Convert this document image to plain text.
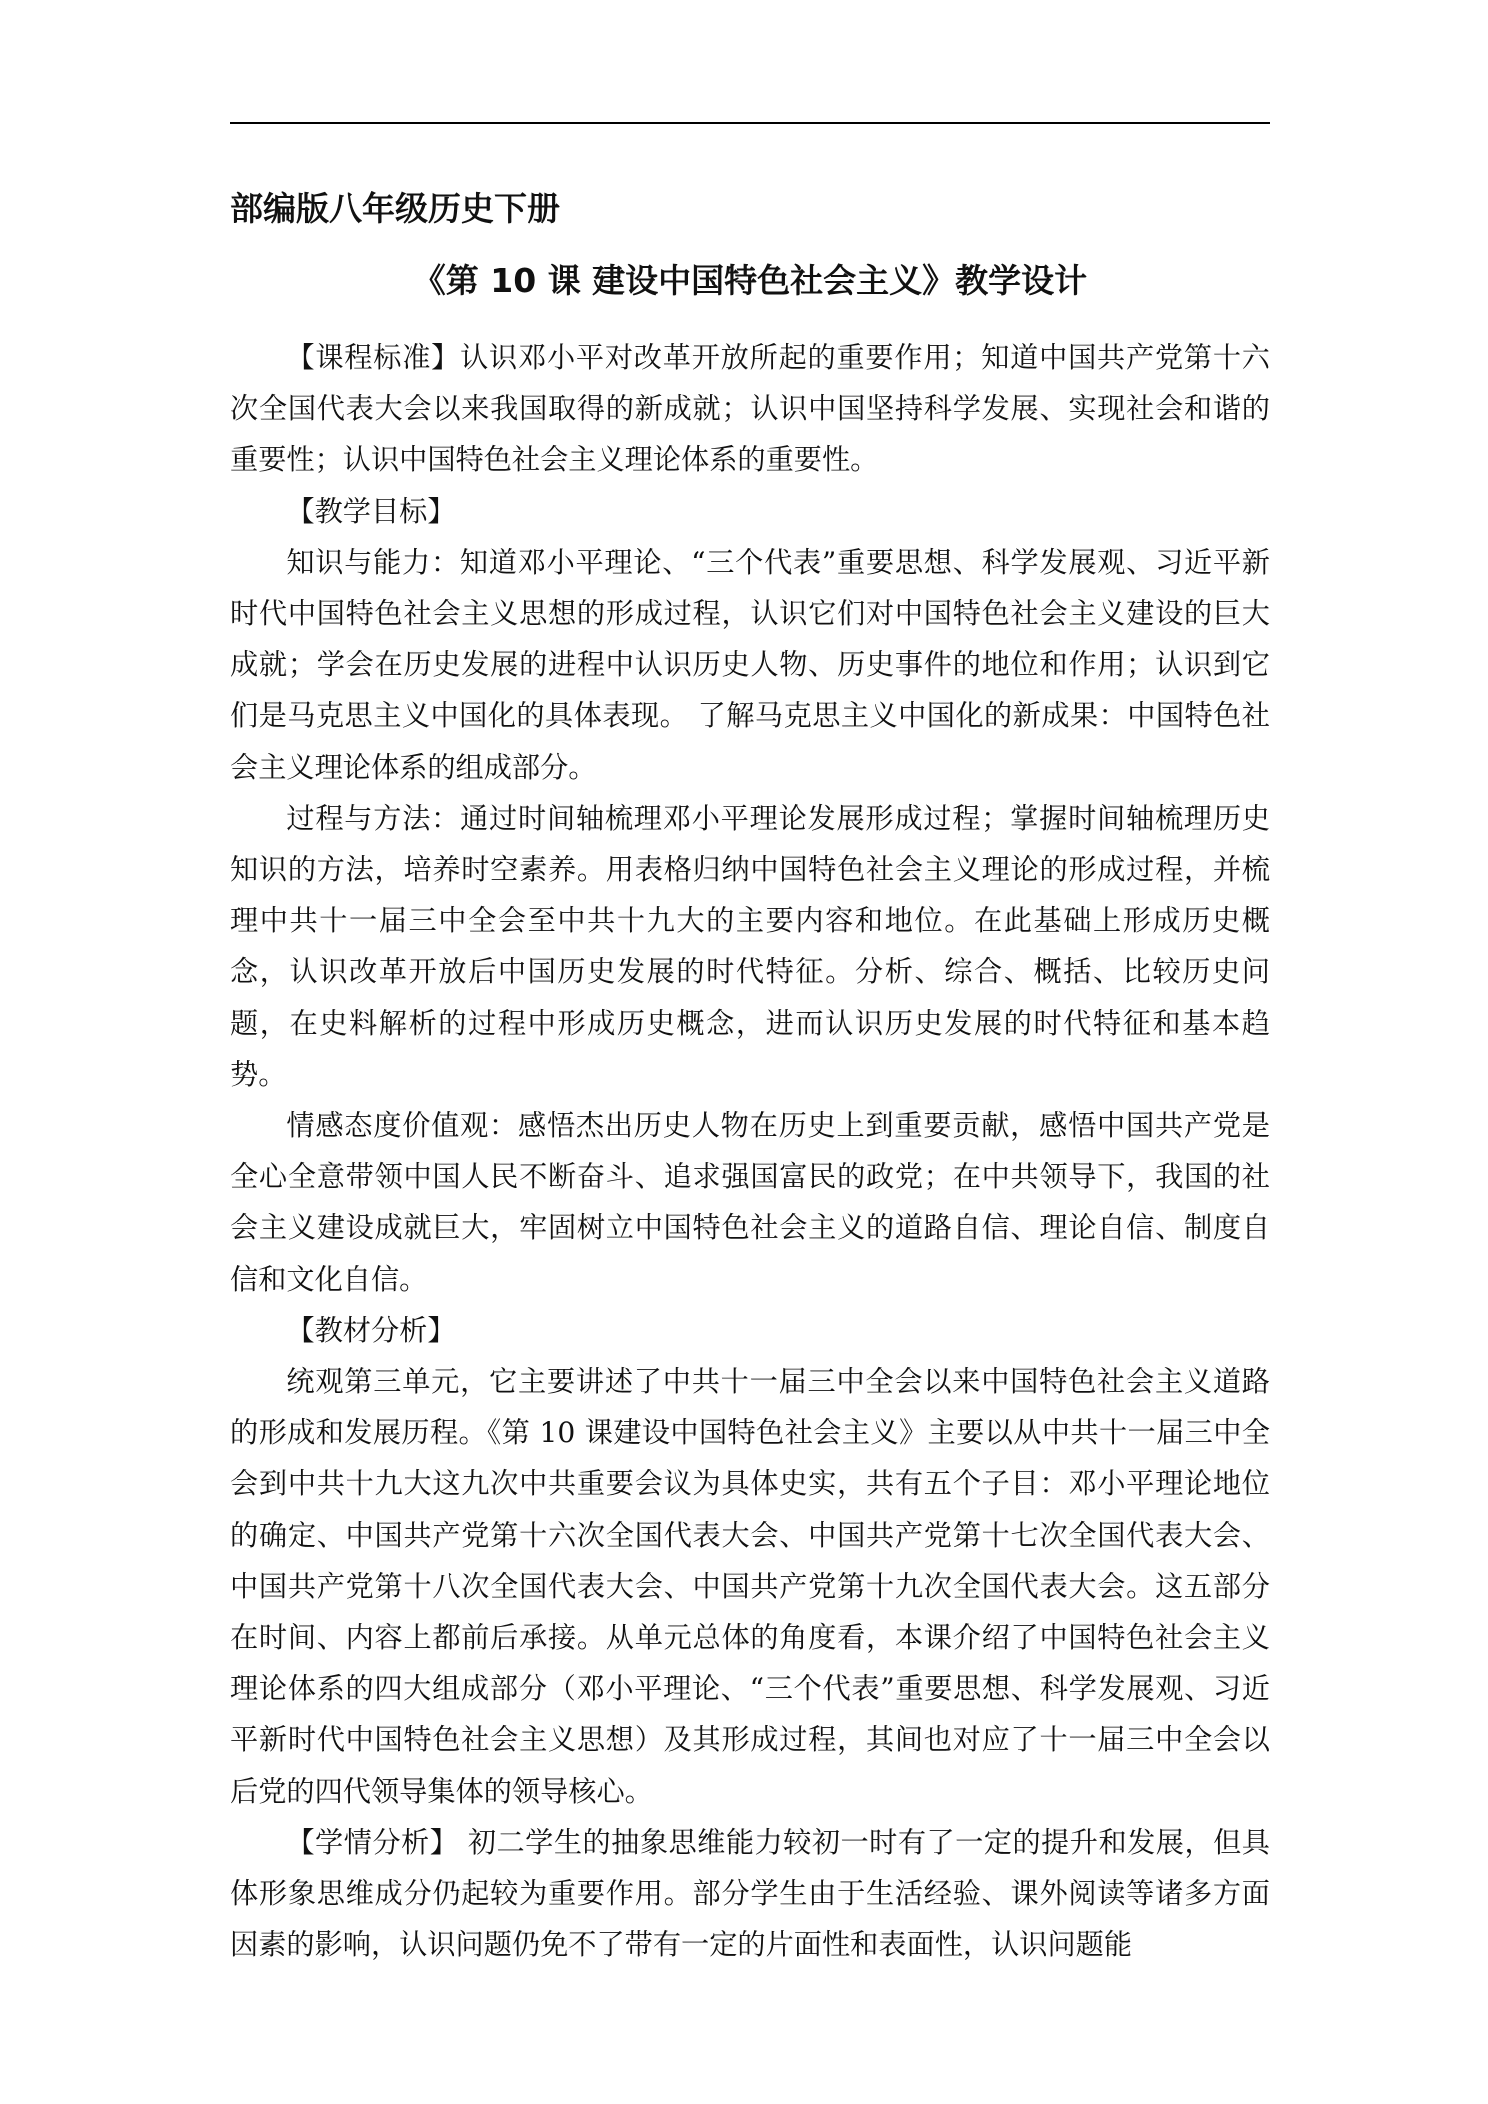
部编版八年级历史下册
《第 10 课 建设中国特色社会主义》教学设计

【课程标准】认识邓小平对改革开放所起的重要作用；知道中国共产党第十六次全国代表大会以来我国取得的新成就；认识中国坚持科学发展、实现社会和谐的重要性；认识中国特色社会主义理论体系的重要性。

【教学目标】

知识与能力：知道邓小平理论、“三个代表”重要思想、科学发展观、习近平新时代中国特色社会主义思想的形成过程，认识它们对中国特色社会主义建设的巨大成就；学会在历史发展的进程中认识历史人物、历史事件的地位和作用；认识到它们是马克思主义中国化的具体表现。 了解马克思主义中国化的新成果：中国特色社会主义理论体系的组成部分。

过程与方法：通过时间轴梳理邓小平理论发展形成过程；掌握时间轴梳理历史知识的方法，培养时空素养。用表格归纳中国特色社会主义理论的形成过程，并梳理中共十一届三中全会至中共十九大的主要内容和地位。在此基础上形成历史概念，认识改革开放后中国历史发展的时代特征。分析、综合、概括、比较历史问题，在史料解析的过程中形成历史概念，进而认识历史发展的时代特征和基本趋势。

情感态度价值观：感悟杰出历史人物在历史上到重要贡献，感悟中国共产党是全心全意带领中国人民不断奋斗、追求强国富民的政党；在中共领导下，我国的社会主义建设成就巨大，牢固树立中国特色社会主义的道路自信、理论自信、制度自信和文化自信。

【教材分析】

统观第三单元，它主要讲述了中共十一届三中全会以来中国特色社会主义道路的形成和发展历程。《第 10 课建设中国特色社会主义》主要以从中共十一届三中全会到中共十九大这九次中共重要会议为具体史实，共有五个子目：邓小平理论地位的确定、中国共产党第十六次全国代表大会、中国共产党第十七次全国代表大会、中国共产党第十八次全国代表大会、中国共产党第十九次全国代表大会。这五部分在时间、内容上都前后承接。从单元总体的角度看，本课介绍了中国特色社会主义理论体系的四大组成部分（邓小平理论、“三个代表”重要思想、科学发展观、习近平新时代中国特色社会主义思想）及其形成过程，其间也对应了十一届三中全会以后党的四代领导集体的领导核心。

【学情分析】 初二学生的抽象思维能力较初一时有了一定的提升和发展，但具体形象思维成分仍起较为重要作用。部分学生由于生活经验、课外阅读等诸多方面因素的影响，认识问题仍免不了带有一定的片面性和表面性，认识问题能
